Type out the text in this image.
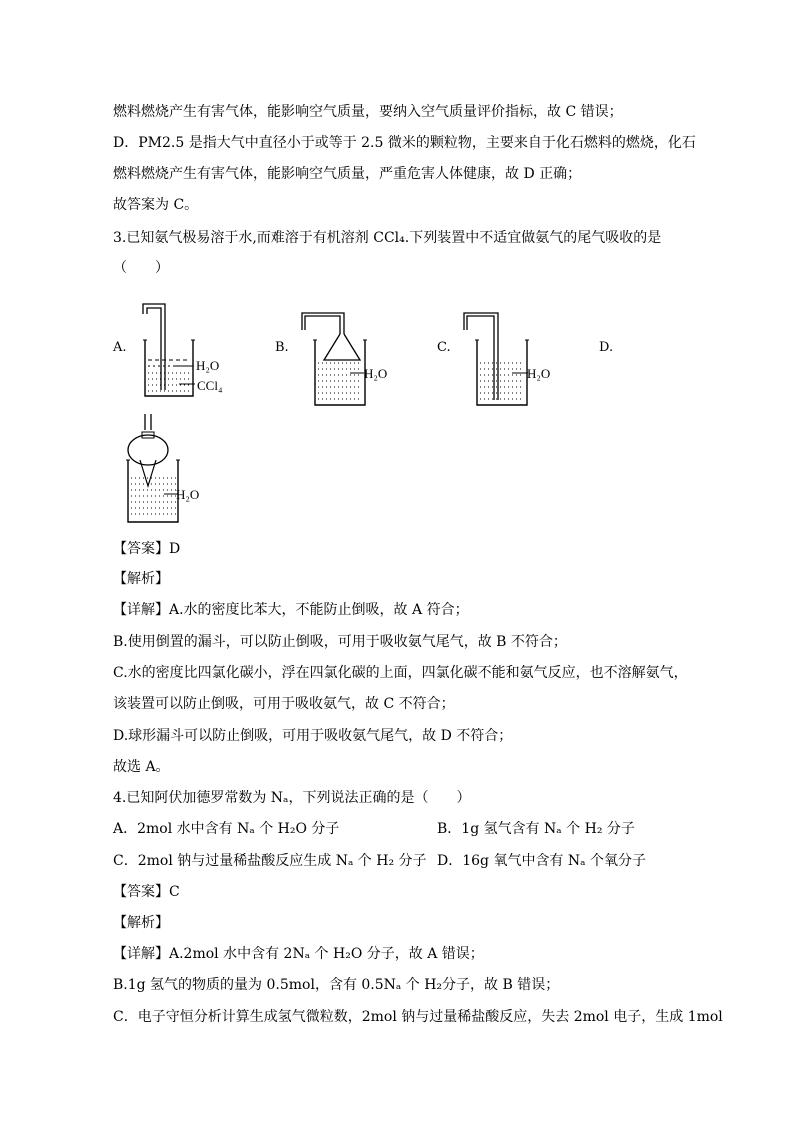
燃料燃烧产生有害气体，能影响空气质量，要纳入空气质量评价指标，故 C 错误；
D．PM2.5 是指大气中直径小于或等于 2.5 微米的颗粒物，主要来自于化石燃料的燃烧，化石
燃料燃烧产生有害气体，能影响空气质量，严重危害人体健康，故 D 正确；
故答案为 C。
3.已知氨气极易溶于水,而难溶于有机溶剂 CCl₄.下列装置中不适宜做氨气的尾气吸收的是
（　　）
A.	B.	C.	D.
H₂O
CCl₄
H₂O	H₂O
H₂O
【答案】D
【解析】
【详解】A.水的密度比苯大，不能防止倒吸，故 A 符合；
B.使用倒置的漏斗，可以防止倒吸，可用于吸收氨气尾气，故 B 不符合；
C.水的密度比四氯化碳小，浮在四氯化碳的上面，四氯化碳不能和氨气反应，也不溶解氨气，
该装置可以防止倒吸，可用于吸收氨气，故 C 不符合；
D.球形漏斗可以防止倒吸，可用于吸收氨气尾气，故 D 不符合；
故选 A。
4.已知阿伏加德罗常数为 Nₐ，下列说法正确的是（　　）
A．2mol 水中含有 Nₐ 个 H₂O 分子	B．1g 氢气含有 Nₐ 个 H₂ 分子
C．2mol 钠与过量稀盐酸反应生成 Nₐ 个 H₂ 分子 D．16g 氧气中含有 Nₐ 个氧分子
【答案】C
【解析】
【详解】A.2mol 水中含有 2Nₐ 个 H₂O 分子，故 A 错误；
B.1g 氢气的物质的量为 0.5mol，含有 0.5Nₐ 个 H₂分子，故 B 错误；
C．电子守恒分析计算生成氢气微粒数，2mol 钠与过量稀盐酸反应，失去 2mol 电子，生成 1mol
